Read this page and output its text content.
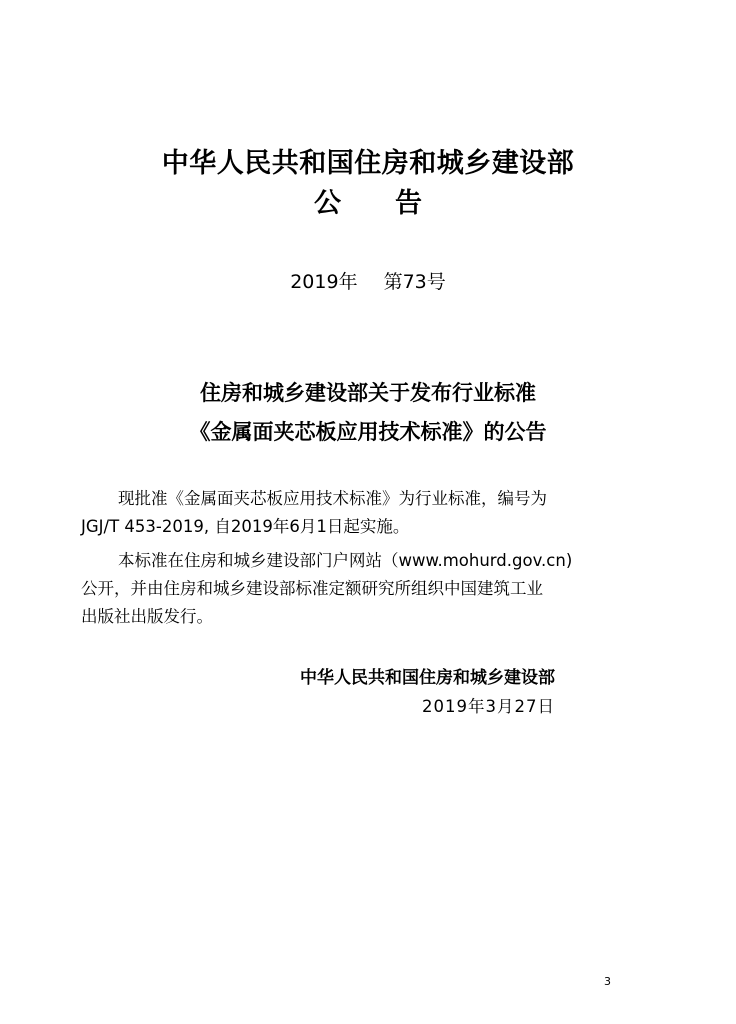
中华人民共和国住房和城乡建设部
公 告
2019年 第73号
住房和城乡建设部关于发布行业标准
《金属面夹芯板应用技术标准》的公告
现批准《金属面夹芯板应用技术标准》为行业标准，编号为
JGJ/T 453-2019, 自2019年6月1日起实施。
本标准在住房和城乡建设部门户网站（www.mohurd.gov.cn)
公开，并由住房和城乡建设部标准定额研究所组织中国建筑工业
出版社出版发行。
中华人民共和国住房和城乡建设部
2019年3月27日
3
